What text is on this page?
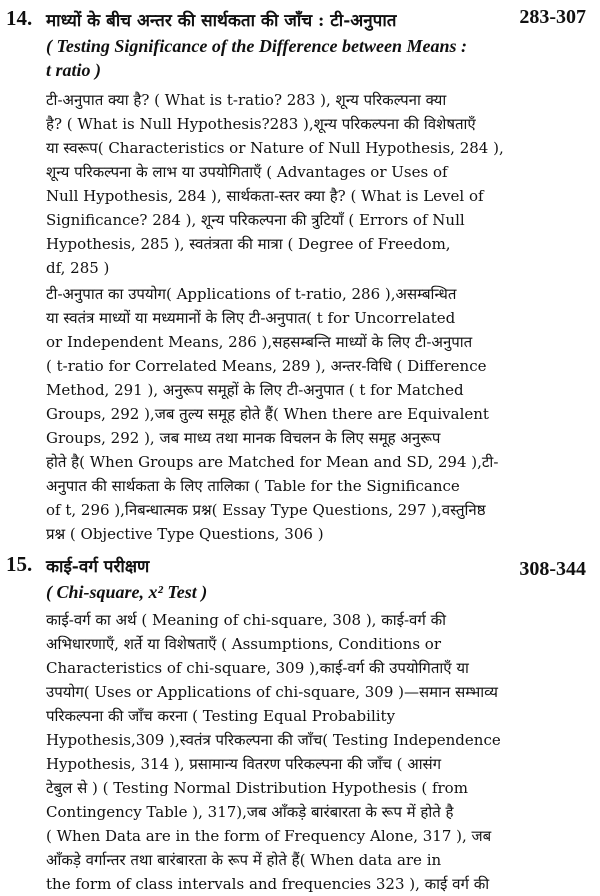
14. माध्यों के बीच अन्तर की सार्थकता की जाँच : टी-अनुपात	283-307
( Testing Significance of the Difference between Means :
t ratio )
टी-अनुपात क्या है? ( What is t-ratio? 283 ), शून्य परिकल्पना क्या
है? ( What is Null Hypothesis?283 ),शून्य परिकल्पना की विशेषताएँ
या स्वरूप( Characteristics or Nature of Null Hypothesis, 284 ),
शून्य परिकल्पना के लाभ या उपयोगिताएँ ( Advantages or Uses of
Null Hypothesis, 284 ), सार्थकता-स्तर क्या है? ( What is Level of
Significance? 284 ), शून्य परिकल्पना की त्रुटियाँ ( Errors of Null
Hypothesis, 285 ), स्वतंत्रता की मात्रा ( Degree of Freedom,
df, 285 )
टी-अनुपात का उपयोग( Applications of t-ratio, 286 ),असम्बन्धित
या स्वतंत्र माध्यों या मध्यमानों के लिए टी-अनुपात( t for Uncorrelated
or Independent Means, 286 ),सहसम्बन्ति माध्यों के लिए टी-अनुपात
( t-ratio for Correlated Means, 289 ), अन्तर-विधि ( Difference
Method, 291 ), अनुरूप समूहों के लिए टी-अनुपात ( t for Matched
Groups, 292 ),जब तुल्य समूह होते हैं( When there are Equivalent
Groups, 292 ), जब माध्य तथा मानक विचलन के लिए समूह अनुरूप
होते है( When Groups are Matched for Mean and SD, 294 ),टी-
अनुपात की सार्थकता के लिए तालिका ( Table for the Significance
of t, 296 ),निबन्धात्मक प्रश्न( Essay Type Questions, 297 ),वस्तुनिष्ठ
प्रश्न ( Objective Type Questions, 306 )
15. काई-वर्ग परीक्षण	308-344
( Chi-square, x² Test )
काई-वर्ग का अर्थ ( Meaning of chi-square, 308 ), काई-वर्ग की
अभिधारणाएँ, शर्ते या विशेषताएँ ( Assumptions, Conditions or
Characteristics of chi-square, 309 ),काई-वर्ग की उपयोगिताएँ या
उपयोग( Uses or Applications of chi-square, 309 )—समान सम्भाव्य
परिकल्पना की जाँच करना ( Testing Equal Probability
Hypothesis,309 ),स्वतंत्र परिकल्पना की जाँच( Testing Independence
Hypothesis, 314 ), प्रसामान्य वितरण परिकल्पना की जाँच ( आसंग
टेबुल से ) ( Testing Normal Distribution Hypothesis ( from
Contingency Table ), 317),जब आँकड़े बारंबारता के रूप में होते है
( When Data are in the form of Frequency Alone, 317 ), जब
आँकड़े वर्गान्तर तथा बारंबारता के रूप में होते हैं( When data are in
the form of class intervals and frequencies 323 ), काई वर्ग की
